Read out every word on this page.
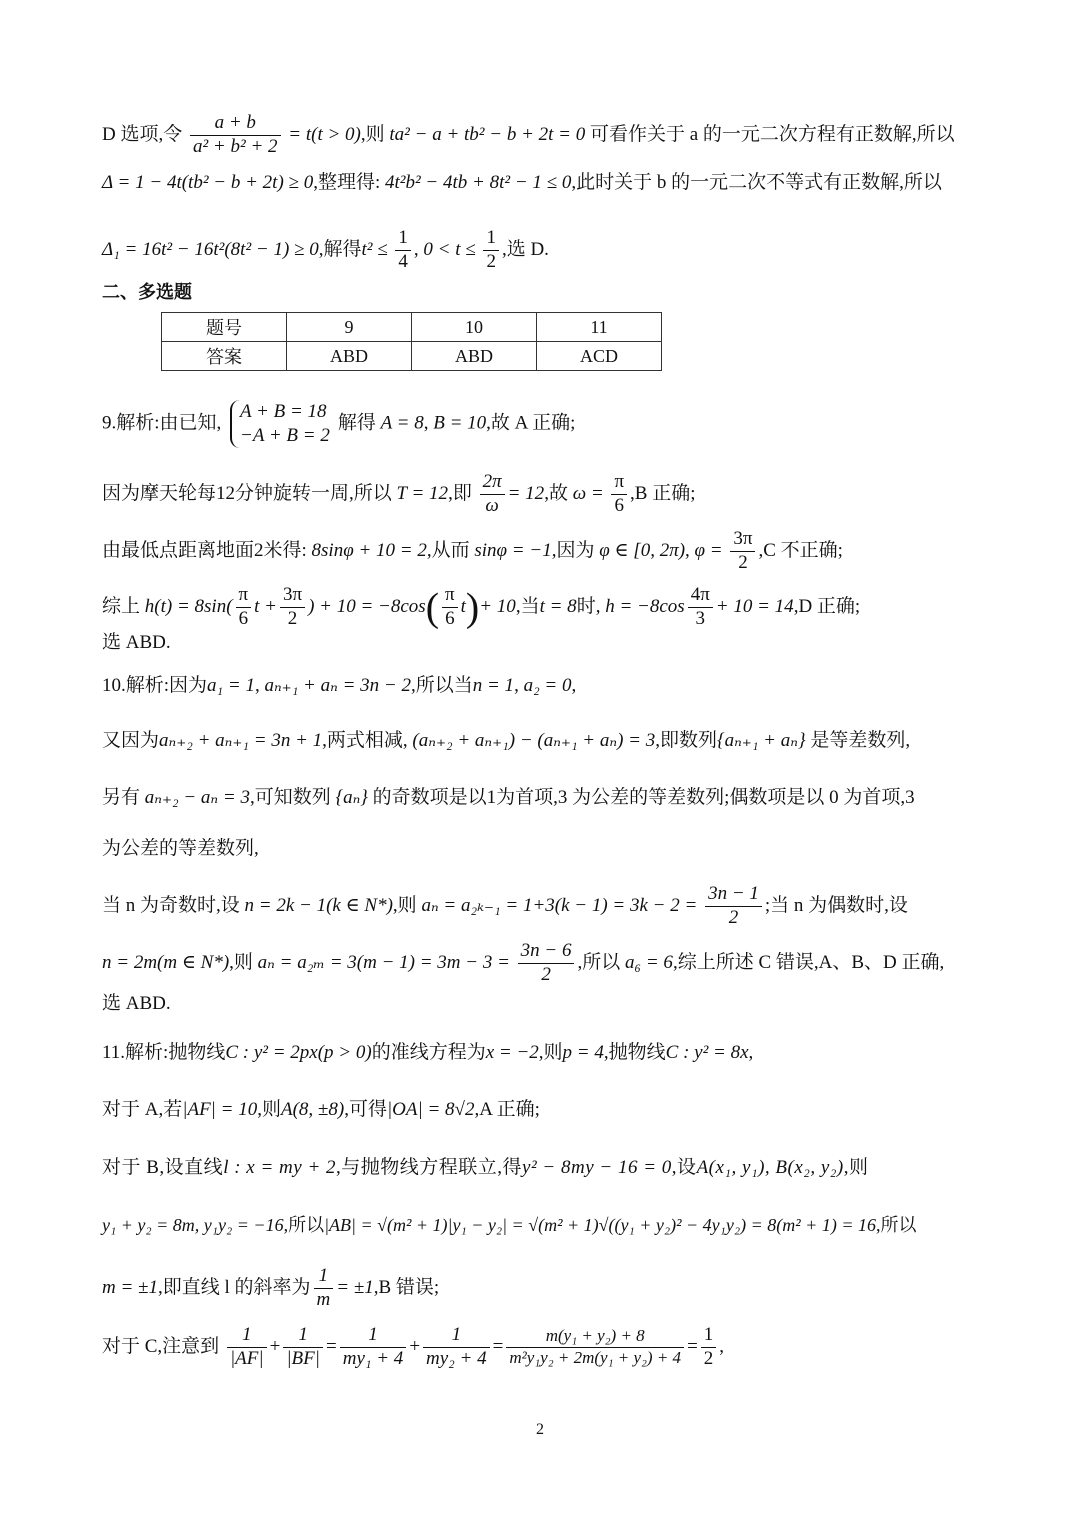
D 选项,令 $\frac{a + b}{\text{a² + b² + 2}} = t(t > 0)$,则 ta² − a + tb² − b + 2t = 0 可看作关于 a 的一元二次方程有正数解,所以
Δ = 1 − 4t(tb² − b + 2t) ≥ 0,整理得: 4t²b² − 4tb + 8t² − 1 ≤ 0,此时关于 b 的一元二次不等式有正数解,所以
Δ₁ = 16t² − 16t²(8t² − 1) ≥ 0,解得$t^2 \le \frac{1}{4}$ , $0 < t \le \frac{1}{2}$ ,选 D.
二、多选题
题号	9	10	11
答案	ABD	ABD	ACD
9.解析:由已知,
A + B = 18
−A + B = 2
解得 A = 8, B = 10,故 A 正确;
因为摩天轮每12分钟旋转一周,所以 T = 12,即 $\frac{2\pi}{\omega} = 12$,故 $\omega = \frac{\pi}{6} ,B$ 正确;
由最低点距离地面2米得: 8sinφ + 10 = 2,从而 sinφ = −1,因为 φ ∈ [0, 2π), $\varphi = \frac{3\pi}{2} ,C$ 不正确;
综上 $h(t) = 8\sin( \frac{\pi}{6}$ $t + \frac{3\pi}{2}$ ) + $10 = -8\cos( \frac{\pi}{6} t)+ 10$,当t = 8时, $h = -8\cos \frac{4\pi}{3} + 10 = 14,D$ 正确;
选 ABD.
10.解析:因为a₁ = 1, aₙ₊₁ + aₙ = 3n − 2,所以当n = 1, a₂ = 0,
又因为aₙ₊₂ + aₙ₊₁ = 3n + 1,两式相减, (aₙ₊₂ + aₙ₊₁) − (aₙ₊₁ + aₙ) = 3,即数列{aₙ₊₁ + aₙ} 是等差数列,
另有 aₙ₊₂ − aₙ = 3,可知数列 {aₙ} 的奇数项是以1为首项,3 为公差的等差数列;偶数项是以 0 为首项,3
为公差的等差数列,
当 n 为奇数时,设 n = 2k − 1(k ∈ N*),则 $a_n = a_{2k-1} = 1+3(k - 1) = 3k - 2 = \frac{3n - 1}{2}$ ;当 n 为偶数时,设
n = 2m(m ∈ N*),则 $a_n = a_{2m} = 3(m - 1) = 3m - 3 = \frac{3n - 6}{2}$ ,所以 a₆ = 6,综上所述 C 错误,A、B、D 正确,
选 ABD.
11.解析:抛物线C : y² = 2px(p > 0)的准线方程为x = −2,则p = 4,抛物线C : y² = 8x,
对于 A,若|AF| = 10,则A(8, ±8),可得|OA| = 8√2,A 正确;
对于 B,设直线l : x = my + 2,与抛物线方程联立,得y² − 8my − 16 = 0,设A(x₁, y₁), B(x₂, y₂),则
y₁ + y₂ = 8m, y₁y₂ = −16,所以|AB| = √(m² + 1)|y₁ − y₂| = √(m² + 1)√((y₁ + y₂)² − 4y₁y₂) = 8(m² + 1) = 16,所以
m = ±1,即直线 l 的斜率为 $\frac{1}{m} = \pm 1,B$ 错误;
对于 C,注意到 $\frac{1}{|AF|} + \frac{1}{|BF|} = \frac{1}{\text{my₁ + 4}} + \frac{1}{\text{my₂ + 4}} = \frac{\text{m(y₁ + y₂) + 8}}{\text{m²y₁y₂ + 2m(y₁ + y₂) + 4}} = \frac{1}{2}$ ,
2
